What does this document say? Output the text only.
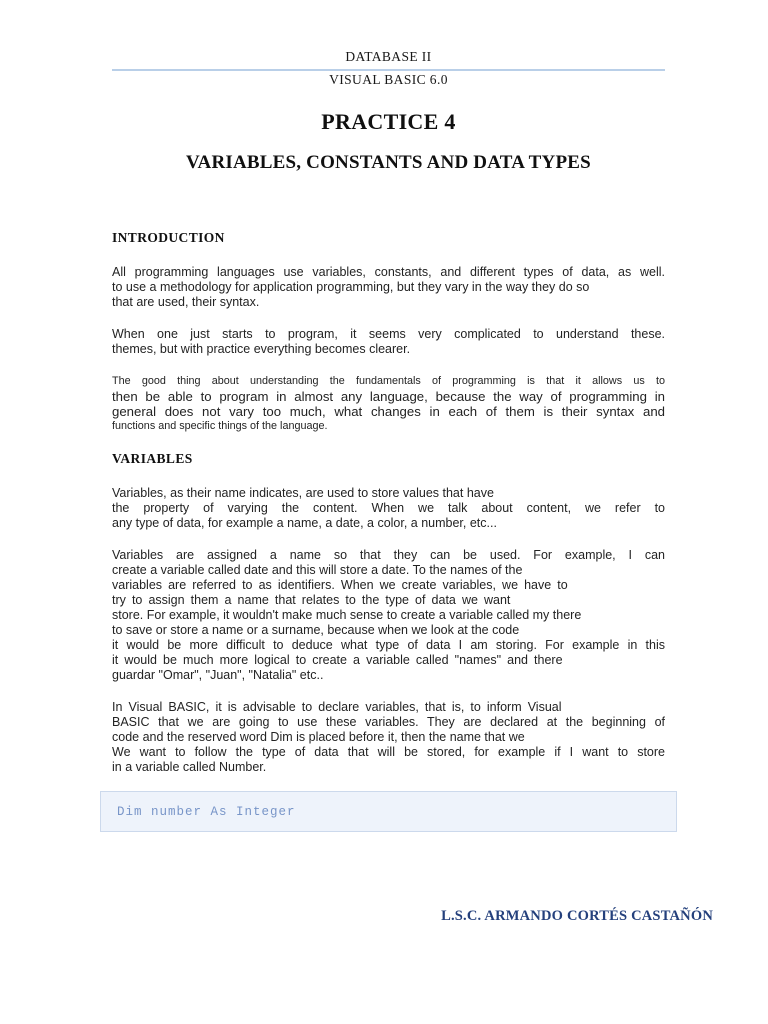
DATABASE II
VISUAL BASIC 6.0
PRACTICE 4
VARIABLES, CONSTANTS AND DATA TYPES
INTRODUCTION
All programming languages use variables, constants, and different types of data, as well.
to use a methodology for application programming, but they vary in the way they do so
that are used, their syntax.
When one just starts to program, it seems very complicated to understand these.
themes, but with practice everything becomes clearer.
The good thing about understanding the fundamentals of programming is that it allows us to
then be able to program in almost any language, because the way of programming in
general does not vary too much, what changes in each of them is their syntax and
functions and specific things of the language.
VARIABLES
Variables, as their name indicates, are used to store values that have
the property of varying the content. When we talk about content, we refer to
any type of data, for example a name, a date, a color, a number, etc...
Variables are assigned a name so that they can be used. For example, I can
create a variable called date and this will store a date. To the names of the
variables are referred to as identifiers. When we create variables, we have to
try to assign them a name that relates to the type of data we want
store. For example, it wouldn't make much sense to create a variable called my there
to save or store a name or a surname, because when we look at the code
it would be more difficult to deduce what type of data I am storing. For example in this
it would be much more logical to create a variable called "names" and there
guardar "Omar", "Juan", "Natalia" etc..
In Visual BASIC, it is advisable to declare variables, that is, to inform Visual
BASIC that we are going to use these variables. They are declared at the beginning of
code and the reserved word Dim is placed before it, then the name that we
We want to follow the type of data that will be stored, for example if I want to store
in a variable called Number.
Dim number As Integer
L.S.C. ARMANDO CORTÉS CASTAÑÓN
